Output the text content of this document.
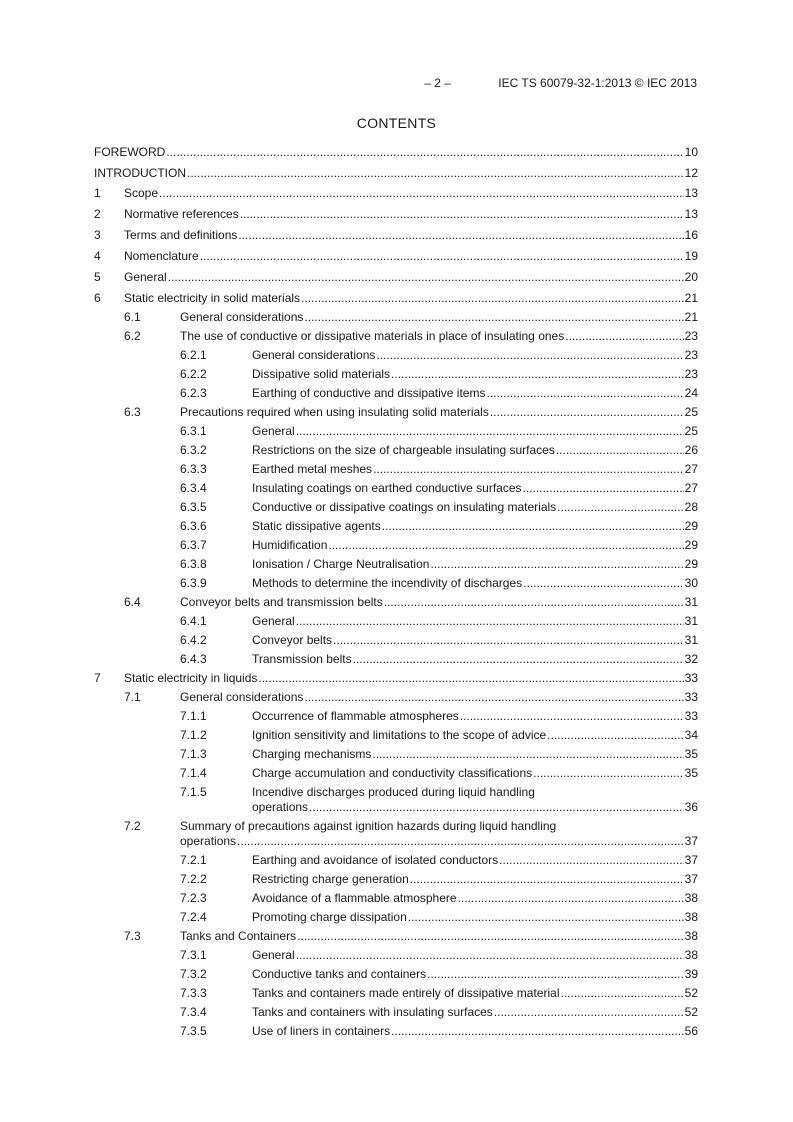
– 2 –	IEC TS 60079-32-1:2013 © IEC 2013
CONTENTS
FOREWORD .....	10
INTRODUCTION .....	12
1 Scope .....	13
2 Normative references .....	13
3 Terms and definitions .....	16
4 Nomenclature .....	19
5 General .....	20
6 Static electricity in solid materials .....	21
6.1	General considerations .....	21
6.2	The use of conductive or dissipative materials in place of insulating ones .....	23
6.2.1	General considerations .....	23
6.2.2	Dissipative solid materials .....	23
6.2.3	Earthing of conductive and dissipative items .....	24
6.3	Precautions required when using insulating solid materials .....	25
6.3.1	General .....	25
6.3.2	Restrictions on the size of chargeable insulating surfaces .....	26
6.3.3	Earthed metal meshes .....	27
6.3.4	Insulating coatings on earthed conductive surfaces .....	27
6.3.5	Conductive or dissipative coatings on insulating materials .....	28
6.3.6	Static dissipative agents .....	29
6.3.7	Humidification .....	29
6.3.8	Ionisation / Charge Neutralisation .....	29
6.3.9	Methods to determine the incendivity of discharges .....	30
6.4	Conveyor belts and transmission belts .....	31
6.4.1	General .....	31
6.4.2	Conveyor belts .....	31
6.4.3	Transmission belts .....	32
7 Static electricity in liquids .....	33
7.1	General considerations .....	33
7.1.1	Occurrence of flammable atmospheres .....	33
7.1.2	Ignition sensitivity and limitations to the scope of advice .....	34
7.1.3	Charging mechanisms .....	35
7.1.4	Charge accumulation and conductivity classifications .....	35
7.1.5	Incendive discharges produced during liquid handling
operations .....	36
7.2	Summary of precautions against ignition hazards during liquid handling
operations .....	37
7.2.1	Earthing and avoidance of isolated conductors .....	37
7.2.2	Restricting charge generation .....	37
7.2.3	Avoidance of a flammable atmosphere .....	38
7.2.4	Promoting charge dissipation .....	38
7.3	Tanks and Containers .....	38
7.3.1	General .....	38
7.3.2	Conductive tanks and containers .....	39
7.3.3	Tanks and containers made entirely of dissipative material .....	52
7.3.4	Tanks and containers with insulating surfaces .....	52
7.3.5	Use of liners in containers .....	56
